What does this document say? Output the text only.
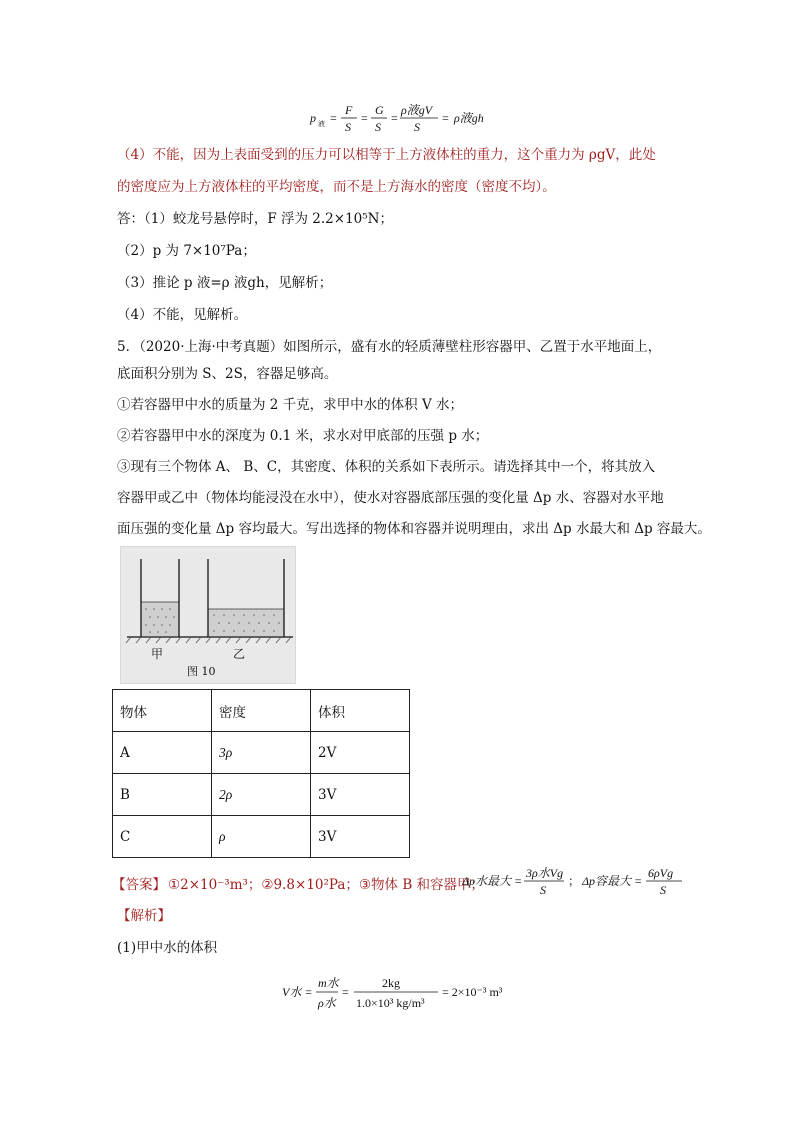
p 液 =
F
S
=
G
S
=
ρ液gV
S
= ρ液gh
（4）不能，因为上表面受到的压力可以相等于上方液体柱的重力，这个重力为 ρgV，此处
的密度应为上方液体柱的平均密度，而不是上方海水的密度（密度不均）。
答：（1）蛟龙号悬停时，F 浮为 2.2×10⁵N；
（2）p 为 7×10⁷Pa；
（3）推论 p 液=ρ 液gh，见解析；
（4）不能，见解析。
5．（2020·上海·中考真题）如图所示，盛有水的轻质薄壁柱形容器甲、乙置于水平地面上，
底面积分别为 S、2S，容器足够高。
①若容器甲中水的质量为 2 千克，求甲中水的体积 V 水；
②若容器甲中水的深度为 0.1 米，求水对甲底部的压强 p 水；
③现有三个物体 A、 B、C，其密度、体积的关系如下表所示。请选择其中一个，将其放入
容器甲或乙中（物体均能浸没在水中），使水对容器底部压强的变化量 Δp 水、容器对水平地
面压强的变化量 Δp 容均最大。写出选择的物体和容器并说明理由，求出 Δp 水最大和 Δp 容最大。
甲	乙
图 10
物体	密度	体积
A	3ρ	2V
B	2ρ	3V
C	ρ	3V
【答案】 ①2×10⁻³m³；②9.8×10²Pa；③物体 B 和容器甲；
Δp水最大 =
3ρ水Vg
S
； Δp容最大 =
6ρVg
S
【解析】
(1)甲中水的体积
V水 =
m水
ρ水
=
2kg
1.0×10³ kg/m³
= 2×10⁻³ m³
